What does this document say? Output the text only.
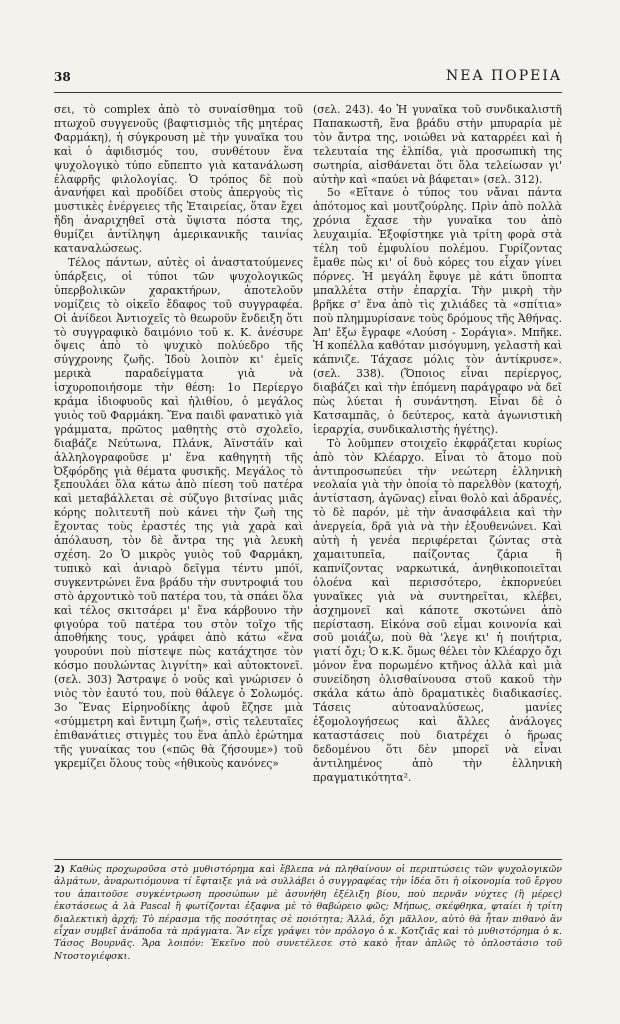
38	ΝΕΑ ΠΟΡΕΙΑ

σει, τὸ complex ἀπὸ τὸ συναίσθημα τοῦ πτωχοῦ συγγενοῦς (βαφτισμιὸς τῆς μητέρας Φαρμάκη), ἡ σύγκρουση μὲ τὴν γυναῖκα του καὶ ὁ ἀφιδισμός του, συνθέτουν ἕνα ψυχολογικὸ τύπο εὔπεπτο γιὰ κατανάλωση ἐλαφρῆς φιλολογίας. Ὁ τρόπος δὲ ποὺ ἀνανήφει καὶ προδίδει στοὺς ἀπεργοὺς τὶς μυστικὲς ἐνέργειες τῆς Ἑταιρείας, ὅταν ἔχει ἤδη ἀναριχηθεῖ στὰ ὕψιστα πόστα της, θυμίζει ἀντίληψη ἀμερικανικῆς ταινίας καταναλώσεως.

Τέλος πάντων, αὐτὲς οἱ ἀναστατούμενες ὑπάρξεις, οἱ τύποι τῶν ψυχολογικῶς ὑπερβολικῶν χαρακτήρων, ἀποτελοῦν νομίζεις τὸ οἰκεῖο ἔδαφος τοῦ συγγραφέα. Οἱ ἀνίδεοι Ἀντιοχεῖς τὸ θεωροῦν ἔνδειξη ὅτι τὸ συγγραφικὸ δαιμόνιο τοῦ κ. Κ. ἀνέσυρε ὄψεις ἀπὸ τὸ ψυχικὸ πολύεδρο τῆς σύγχρονης ζωῆς. Ἰδοὺ λοιπὸν κι' ἐμεῖς μερικὰ παραδείγματα γιὰ νὰ ἰσχυροποιήσομε τὴν θέση: 1ο Περίεργο κράμα ἰδιοφυοῦς καὶ ἠλιθίου, ὁ μεγάλος γυιὸς τοῦ Φαρμάκη. Ἕνα παιδὶ φανατικὸ γιὰ γράμματα, πρῶτος μαθητὴς στὸ σχολεῖο, διαβάζε Νεύτωνα, Πλάνκ, Ἀϊνστάϊν καὶ ἀλληλογραφοῦσε μ' ἕνα καθηγητὴ τῆς Ὀξφόρδης γιὰ θέματα φυσικῆς. Μεγάλος τὸ ξεπουλάει ὅλα κάτω ἀπὸ πίεση τοῦ πατέρα καὶ μεταβάλλεται σὲ σύζυγο βιτσίνας μιᾶς κόρης πολιτευτῆ ποὺ κάνει τὴν ζωὴ της ἔχοντας τοὺς ἐραστές της γιὰ χαρὰ καὶ ἀπόλαυση, τὸν δὲ ἄντρα της γιὰ λευκὴ σχέση. 2ο Ὁ μικρὸς γυιὸς τοῦ Φαρμάκη, τυπικὸ καὶ ἀνιαρὸ δεῖγμα τέντυ μπόϊ, συγκεντρώνει ἕνα βράδυ τὴν συντροφιά του στὸ ἀρχοντικὸ τοῦ πατέρα του, τὰ σπάει ὅλα καὶ τέλος σκιτσάρει μ' ἕνα κάρβουνο τὴν φιγούρα τοῦ πατέρα του στὸν τοῖχο τῆς ἀποθήκης τους, γράφει ἀπὸ κάτω «ἕνα γουρούνι ποὺ πίστεψε πὼς κατάχτησε τὸν κόσμο πουλώντας λιγνίτη» καὶ αὐτοκτονεῖ. (σελ. 303) Ἄστραψε ὁ νοῦς καὶ γνώρισεν ὁ νιὸς τὸν ἑαυτό του, ποὺ θάλεγε ὁ Σολωμός. 3ο Ἕνας Εἰρηνοδίκης ἀφοῦ ἔζησε μιὰ «σύμμετρη καὶ ἔντιμη ζωή», στὶς τελευταῖες ἐπιθανάτιες στιγμὲς του ἕνα ἁπλὸ ἐρώτημα τῆς γυναίκας του («πῶς θὰ ζήσουμε») τοῦ γκρεμίζει ὅλους τοὺς «ἠθικοὺς κανόνες»

(σελ. 243). 4ο Ἡ γυναῖκα τοῦ συνδικαλιστῆ Παπακωστῆ, ἕνα βράδυ στὴν μπυραρία μὲ τὸν ἄντρα της, νοιώθει νὰ καταρρέει καὶ ἡ τελευταία της ἐλπίδα, γιὰ προσωπικὴ της σωτηρία, αἰσθάνεται ὅτι ὅλα τελείωσαν γι' αὐτὴν καὶ «παύει νὰ βάφεται» (σελ. 312).

5ο «Εἴτανε ὁ τύπος του νἄναι πάντα ἀπότομος καὶ μουτζούρλης. Πρὶν ἀπὸ πολλὰ χρόνια ἔχασε τὴν γυναῖκα του ἀπὸ λευχαιμία. Ἐξοφίστηκε γιὰ τρίτη φορὰ στὰ τέλη τοῦ ἐμφυλίου πολέμου. Γυρίζοντας ἔμαθε πὼς κι' οἱ δυὸ κόρες του εἶχαν γίνει πόρνες. Ἡ μεγάλη ἔφυγε μὲ κάτι ὕποπτα μπαλλέτα στὴν ἐπαρχία. Τὴν μικρὴ τὴν βρῆκε σ' ἕνα ἀπὸ τὶς χιλιάδες τὰ «σπίτια» ποὺ πλημμυρίσανε τοὺς δρόμους τῆς Ἀθήνας. Ἀπ' ἔξω ἔγραφε «Λούση - Σοράγια». Μπῆκε. Ἡ κοπέλλα καθόταν μισόγυμνη, γελαστὴ καὶ κάπνιζε. Τάχασε μόλις τὸν ἀντίκρυσε». (σελ. 338). (Ὅποιος εἶναι περίεργος, διαβάζει καὶ τὴν ἑπόμενη παράγραφο νὰ δεῖ πὼς λύεται ἡ συνάντηση. Εἶναι δὲ ὁ Κατσαμπᾶς, ὁ δεύτερος, κατὰ ἀγωνιστικὴ ἱεραρχία, συνδικαλιστὴς ἡγέτης).

Τὸ λοῦμπεν στοιχεῖο ἐκφράζεται κυρίως ἀπὸ τὸν Κλέαρχο. Εἶναι τὸ ἄτομο ποὺ ἀντιπροσωπεύει τὴν νεώτερη ἑλληνικὴ νεολαία γιὰ τὴν ὁποία τὸ παρελθὸν (κατοχή, ἀντίσταση, ἀγῶνας) εἶναι θολὸ καὶ ἀδρανές, τὸ δὲ παρόν, μὲ τὴν ἀνασφάλεια καὶ τὴν ἀνεργεία, δρᾶ γιὰ νὰ τὴν ἐξουθενώνει. Καὶ αὐτὴ ἡ γενέα περιφέρεται ζώντας στὰ χαμαιτυπεῖα, παίζοντας ζάρια ἢ καπνίζοντας ναρκωτικά, ἀνηθικοποιεῖται ὁλοένα καὶ περισσότερο, ἐκπορνεύει γυναῖκες γιὰ νὰ συντηρεῖται, κλέβει, ἀσχημονεῖ καὶ κάποτε σκοτώνει ἀπὸ περίσταση. Εἰκόνα σοῦ εἶμαι κοινονία καὶ σοῦ μοιάζω, ποὺ θὰ 'λεγε κι' ἡ ποιήτρια, γιατί ὄχι; Ὁ κ.Κ. ὅμως θέλει τὸν Κλέαρχο ὄχι μόνον ἕνα πορωμένο κτῆνος ἀλλὰ καὶ μιὰ συνείδηση ὀλισθαίνουσα στοῦ κακοῦ τὴν σκάλα κάτω ἀπὸ δραματικὲς διαδικασίες. Τάσεις αὐτοαναλύσεως, μανίες ἐξομολογήσεως καὶ ἄλλες ἀνάλογες καταστάσεις ποὺ διατρέχει ὁ ἥρωας δεδομένου ὅτι δὲν μπορεῖ νὰ εἶναι ἀντιλημένος ἀπὸ τὴν ἑλληνικὴ πραγματικότητα².

2) Καθὼς προχωροῦσα στὸ μυθιστόρημα καὶ ἔβλεπα νὰ πληθαίνουν οἱ περιπτώσεις τῶν ψυχολογικῶν ἁλμάτων, ἀναρωτιόμουνα τί ἔφταιξε γιὰ νὰ συλλάβει ὁ συγγραφέας τὴν ἰδέα ὅτι ἡ οἰκονομία τοῦ ἔργου του ἀπαιτοῦσε συγκέντρωση προσώπων μὲ ἀσυνήθη ἐξέλιξη βίου, ποὺ περνᾶν νύχτες (ἢ μέρες) ἐκστάσεως ἀ λὰ Pascal ἢ φωτίζονται ἐξαφνα μὲ τὸ θαβώρειο φῶς; Μήπως, σκέφθηκα, φταίει ἡ τρίτη διαλεκτικὴ ἀρχή; Τὸ πέρασμα τῆς ποσότητας σὲ ποιότητα; Ἀλλά, ὄχι μᾶλλον, αὐτὸ θὰ ἦταν πιθανὸ ἂν εἶχαν συμβεῖ ἀνάποδα τὰ πράγματα. Ἂν εἶχε γράψει τὸν πρόλογο ὁ κ. Κοτζιᾶς καὶ τὸ μυθιστόρημα ὁ κ. Τάσος Βουρνᾶς. Ἄρα λοιπόν: Ἐκεῖνο ποὺ συνετέλεσε στὸ κακὸ ἦταν ἁπλῶς τὸ ὁπλοστάσιο τοῦ Ντοστογιέφσκι.
